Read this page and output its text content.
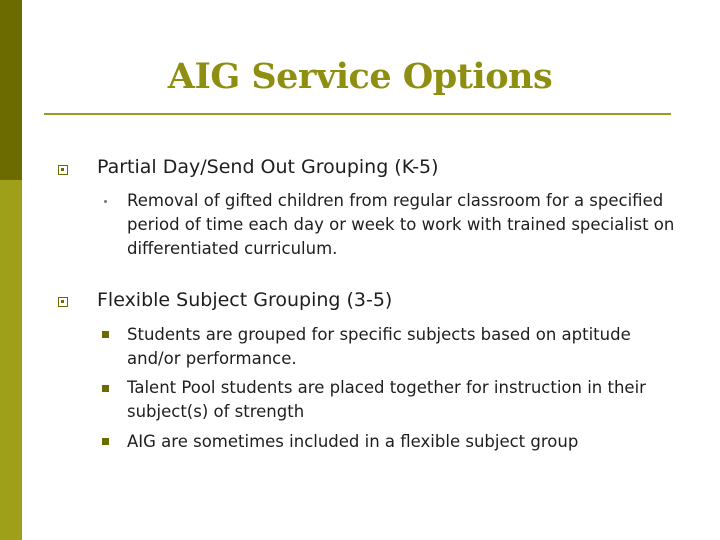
AIG Service Options

Partial Day/Send Out Grouping (K-5)

Removal of gifted children from regular classroom for a specified period of time each day or week to work with trained specialist on differentiated curriculum.

Flexible Subject Grouping (3-5)

Students are grouped for specific subjects based on aptitude and/or performance.

Talent Pool students are placed together for instruction in their subject(s) of strength

AIG are sometimes included in a flexible subject group
